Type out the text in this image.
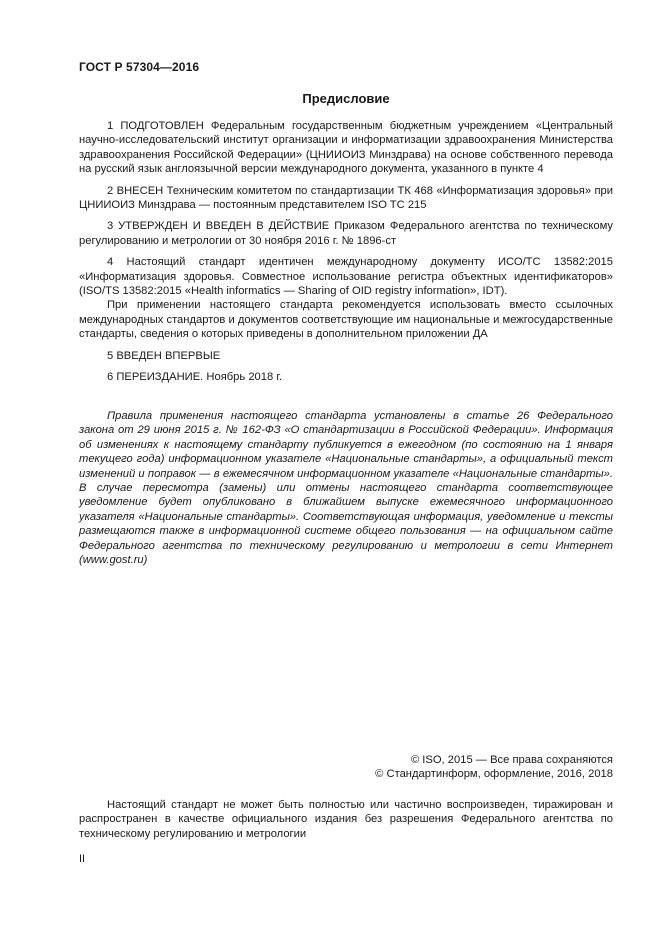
ГОСТ Р 57304—2016
Предисловие

1 ПОДГОТОВЛЕН Федеральным государственным бюджетным учреждением «Центральный научно-исследовательский институт организации и информатизации здравоохранения Министерства здравоохранения Российской Федерации» (ЦНИИОИЗ Минздрава) на основе собственного перевода на русский язык англоязычной версии международного документа, указанного в пункте 4

2 ВНЕСЕН Техническим комитетом по стандартизации ТК 468 «Информатизация здоровья» при ЦНИИОИЗ Минздрава — постоянным представителем ISO TC 215

3 УТВЕРЖДЕН И ВВЕДЕН В ДЕЙСТВИЕ Приказом Федерального агентства по техническому регулированию и метрологии от 30 ноября 2016 г. № 1896-ст

4 Настоящий стандарт идентичен международному документу ИСО/ТС 13582:2015 «Информатизация здоровья. Совместное использование регистра объектных идентификаторов» (ISO/TS 13582:2015 «Health informatics — Sharing of OID registry information», IDT).

При применении настоящего стандарта рекомендуется использовать вместо ссылочных международных стандартов и документов соответствующие им национальные и межгосударственные стандарты, сведения о которых приведены в дополнительном приложении ДА

5 ВВЕДЕН ВПЕРВЫЕ

6 ПЕРЕИЗДАНИЕ. Ноябрь 2018 г.

Правила применения настоящего стандарта установлены в статье 26 Федерального закона от 29 июня 2015 г. № 162-ФЗ «О стандартизации в Российской Федерации». Информация об изменениях к настоящему стандарту публикуется в ежегодном (по состоянию на 1 января текущего года) информационном указателе «Национальные стандарты», а официальный текст изменений и поправок — в ежемесячном информационном указателе «Национальные стандарты». В случае пересмотра (замены) или отмены настоящего стандарта соответствующее уведомление будет опубликовано в ближайшем выпуске ежемесячного информационного указателя «Национальные стандарты». Соответствующая информация, уведомление и тексты размещаются также в информационной системе общего пользования — на официальном сайте Федерального агентства по техническому регулированию и метрологии в сети Интернет (www.gost.ru)

© ISO, 2015 — Все права сохраняются
© Стандартинформ, оформление, 2016, 2018

Настоящий стандарт не может быть полностью или частично воспроизведен, тиражирован и распространен в качестве официального издания без разрешения Федерального агентства по техническому регулированию и метрологии

II
